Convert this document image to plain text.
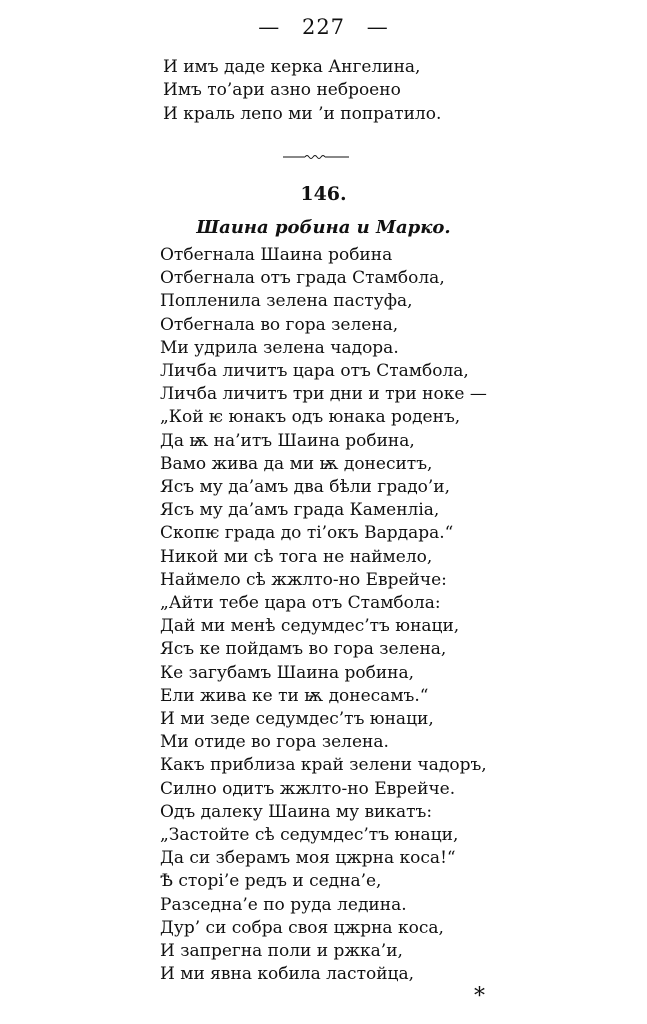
— 227 —
И имъ даде керка Ангелина,
Имъ то’ари азно неброено
И краль лепо ми ’и попратило.
146.
Шаина робина и Марко.
Отбегнала Шаина робина
Отбегнала отъ града Стамбола,
Попленила зелена пастуфа,
Отбегнала во гора зелена,
Ми удрила зелена чадора.
Личба личитъ цара отъ Стамбола,
Личба личитъ три дни и три ноке —
„Кой ѥ юнакъ одъ юнака роденъ,
Да ѭ на’итъ Шаина робина,
Вамо жива да ми ѭ донеситъ,
Ясъ му да’амъ два бѣли градо’и,
Ясъ му да’амъ града Каменліа,
Скопѥ града до ті’окъ Вардара.“
Никой ми сѣ тога не наймело,
Наймело сѣ жжлто-но Еврейче:
„Айти тебе цара отъ Стамбола:
Дай ми менѣ седумдес’тъ юнаци,
Ясъ ке пойдамъ во гора зелена,
Ке загубамъ Шаина робина,
Ели жива ке ти ѭ донесамъ.“
И ми зеде седумдес’тъ юнаци,
Ми отиде во гора зелена.
Какъ приблиза край зелени чадоръ,
Силно одитъ жжлто-но Еврейче.
Одъ далеку Шаина му викатъ:
„Застойте сѣ седумдес’тъ юнаци,
Да си зберамъ моя цжрна коса!“
Ѣ сторі’е редъ и седна’е,
Разседна’е по руда ледина.
Дур’ си собра своя цжрна коса,
И запрегна поли и ржка’и,
И ми явна кобила ластойца,
*
